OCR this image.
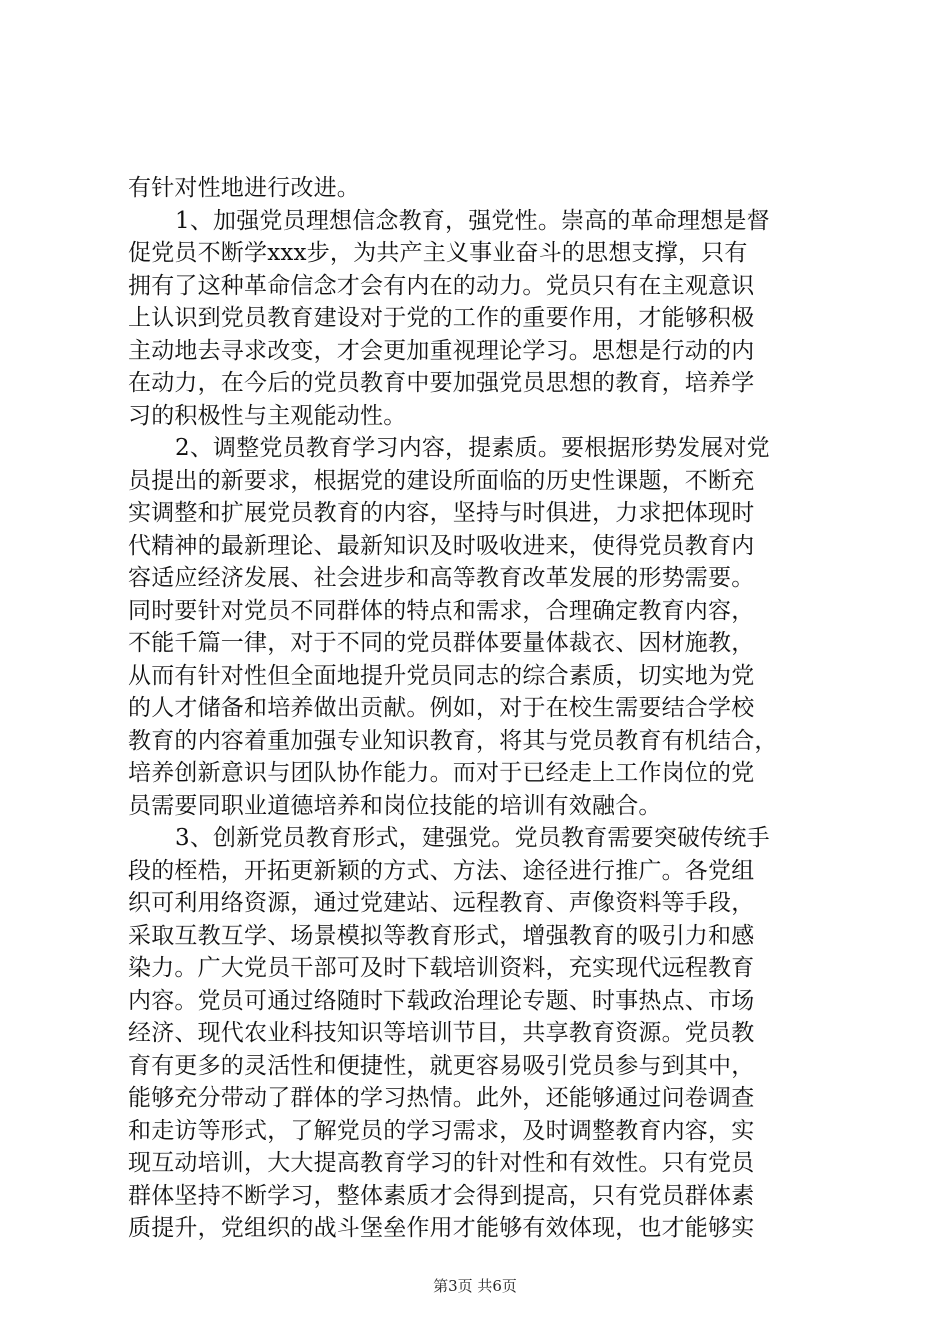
有针对性地进行改进。
1、加强党员理想信念教育，强党性。崇高的革命理想是督
促党员不断学xxx步，为共产主义事业奋斗的思想支撑，只有
拥有了这种革命信念才会有内在的动力。党员只有在主观意识
上认识到党员教育建设对于党的工作的重要作用，才能够积极
主动地去寻求改变，才会更加重视理论学习。思想是行动的内
在动力，在今后的党员教育中要加强党员思想的教育，培养学
习的积极性与主观能动性。
2、调整党员教育学习内容，提素质。要根据形势发展对党
员提出的新要求，根据党的建设所面临的历史性课题，不断充
实调整和扩展党员教育的内容，坚持与时俱进，力求把体现时
代精神的最新理论、最新知识及时吸收进来，使得党员教育内
容适应经济发展、社会进步和高等教育改革发展的形势需要。
同时要针对党员不同群体的特点和需求，合理确定教育内容，
不能千篇一律，对于不同的党员群体要量体裁衣、因材施教，
从而有针对性但全面地提升党员同志的综合素质，切实地为党
的人才储备和培养做出贡献。例如，对于在校生需要结合学校
教育的内容着重加强专业知识教育，将其与党员教育有机结合，
培养创新意识与团队协作能力。而对于已经走上工作岗位的党
员需要同职业道德培养和岗位技能的培训有效融合。
3、创新党员教育形式，建强党。党员教育需要突破传统手
段的桎梏，开拓更新颖的方式、方法、途径进行推广。各党组
织可利用络资源，通过党建站、远程教育、声像资料等手段，
采取互教互学、场景模拟等教育形式，增强教育的吸引力和感
染力。广大党员干部可及时下载培训资料，充实现代远程教育
内容。党员可通过络随时下载政治理论专题、时事热点、市场
经济、现代农业科技知识等培训节目，共享教育资源。党员教
育有更多的灵活性和便捷性，就更容易吸引党员参与到其中，
能够充分带动了群体的学习热情。此外，还能够通过问卷调查
和走访等形式，了解党员的学习需求，及时调整教育内容，实
现互动培训，大大提高教育学习的针对性和有效性。只有党员
群体坚持不断学习，整体素质才会得到提高，只有党员群体素
质提升，党组织的战斗堡垒作用才能够有效体现，也才能够实
第3页 共6页
